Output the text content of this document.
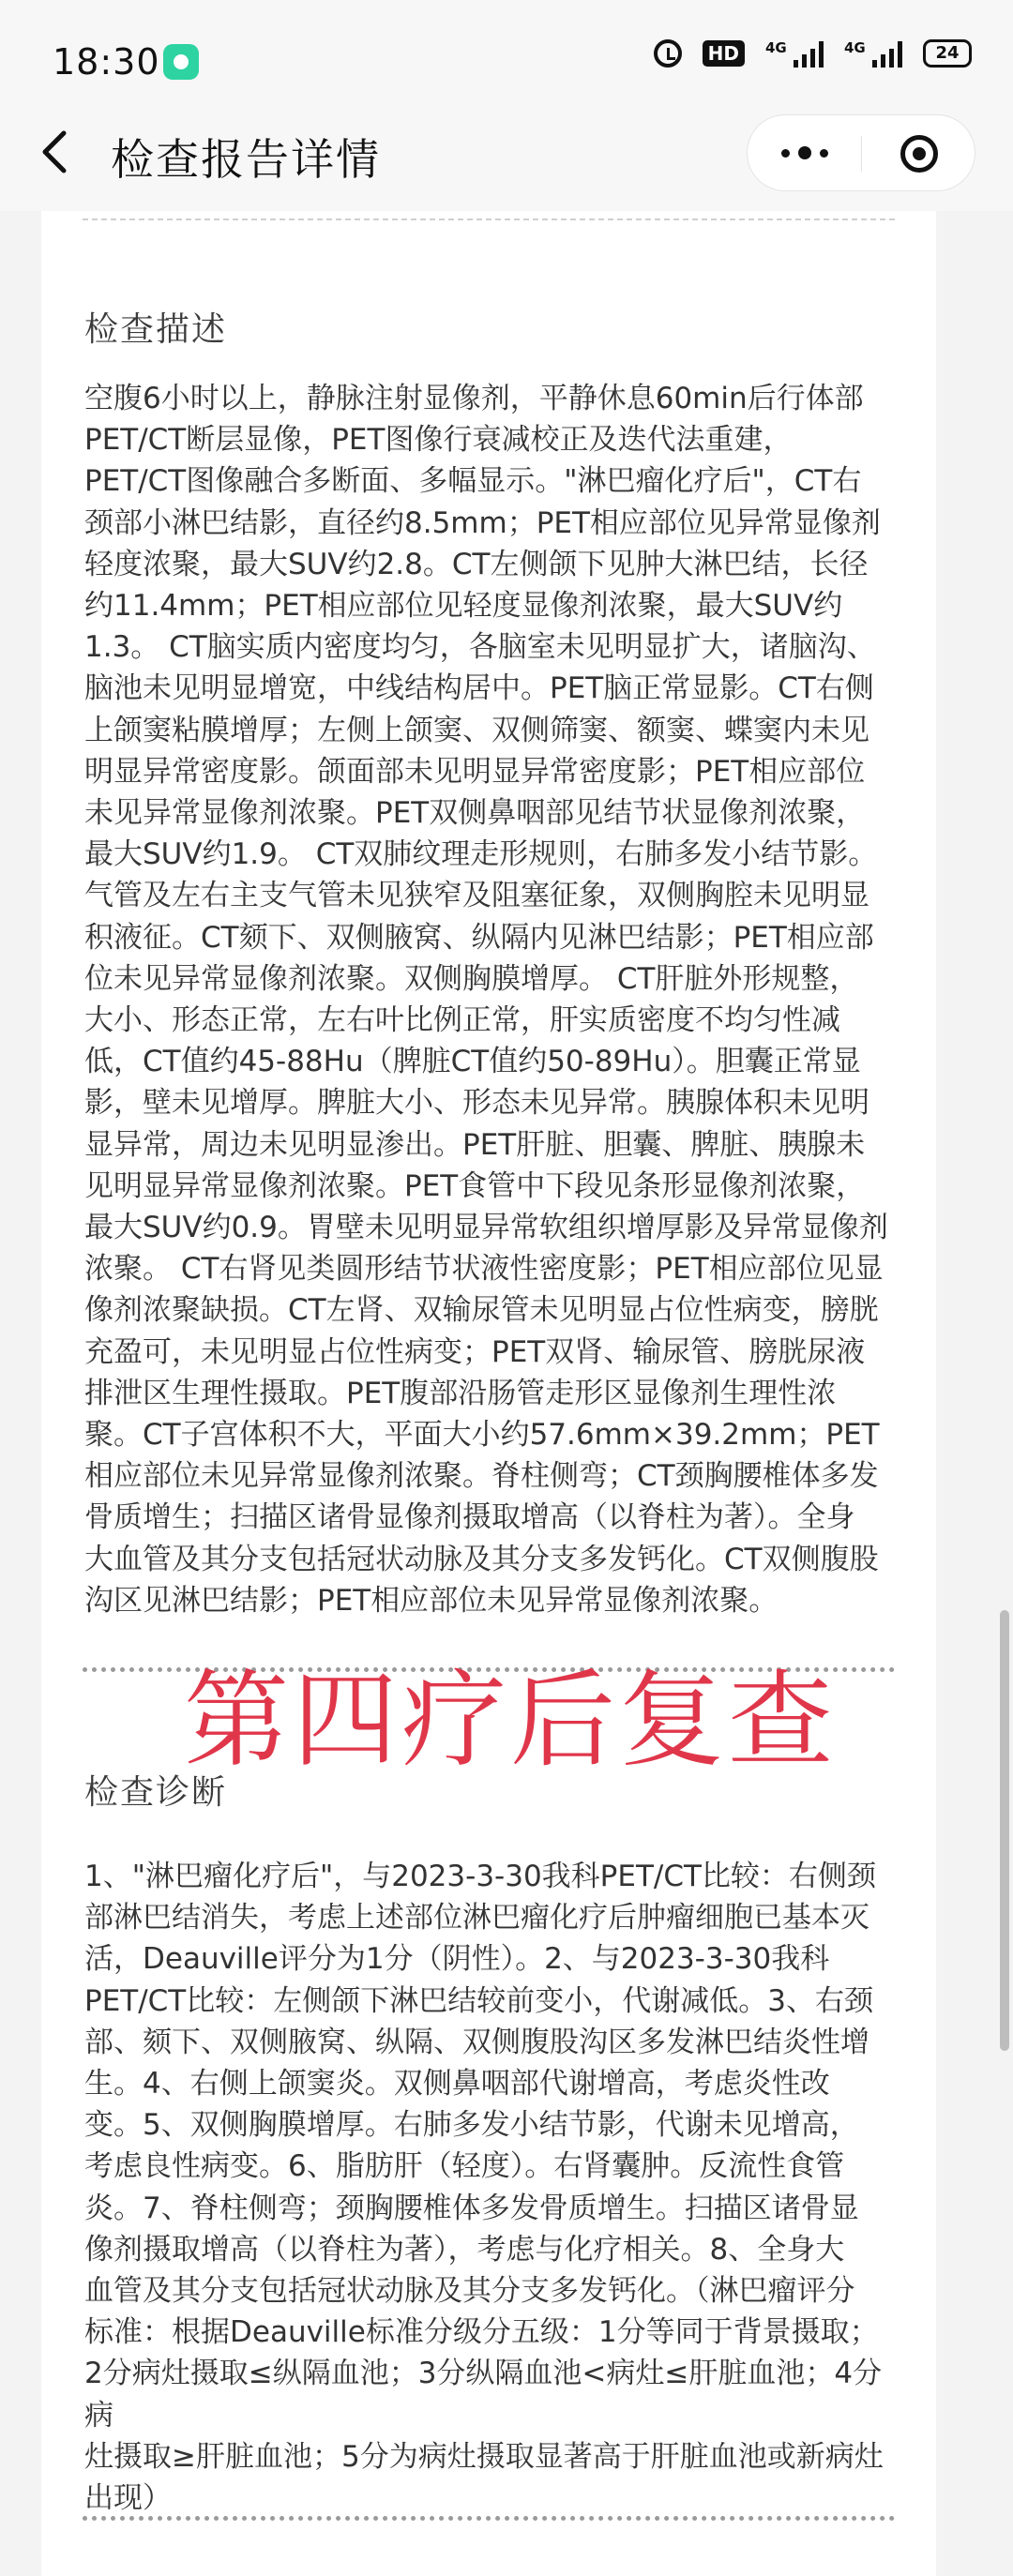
18:30	HD	4G	4G	24
检查报告详情
检查描述

空腹6小时以上，静脉注射显像剂，平静休息60min后行体部
PET/CT断层显像，PET图像行衰减校正及迭代法重建，
PET/CT图像融合多断面、多幅显示。"淋巴瘤化疗后"，CT右
颈部小淋巴结影，直径约8.5mm；PET相应部位见异常显像剂
轻度浓聚，最大SUV约2.8。CT左侧颌下见肿大淋巴结，长径
约11.4mm；PET相应部位见轻度显像剂浓聚，最大SUV约
1.3。 CT脑实质内密度均匀，各脑室未见明显扩大，诸脑沟、
脑池未见明显增宽，中线结构居中。PET脑正常显影。CT右侧
上颌窦粘膜增厚；左侧上颌窦、双侧筛窦、额窦、蝶窦内未见
明显异常密度影。颌面部未见明显异常密度影；PET相应部位
未见异常显像剂浓聚。PET双侧鼻咽部见结节状显像剂浓聚，
最大SUV约1.9。 CT双肺纹理走形规则，右肺多发小结节影。
气管及左右主支气管未见狭窄及阻塞征象，双侧胸腔未见明显
积液征。CT颏下、双侧腋窝、纵隔内见淋巴结影；PET相应部
位未见异常显像剂浓聚。双侧胸膜增厚。 CT肝脏外形规整，
大小、形态正常，左右叶比例正常，肝实质密度不均匀性减
低，CT值约45-88Hu（脾脏CT值约50-89Hu）。胆囊正常显
影，壁未见增厚。脾脏大小、形态未见异常。胰腺体积未见明
显异常，周边未见明显渗出。PET肝脏、胆囊、脾脏、胰腺未
见明显异常显像剂浓聚。PET食管中下段见条形显像剂浓聚，
最大SUV约0.9。胃壁未见明显异常软组织增厚影及异常显像剂
浓聚。 CT右肾见类圆形结节状液性密度影；PET相应部位见显
像剂浓聚缺损。CT左肾、双输尿管未见明显占位性病变，膀胱
充盈可，未见明显占位性病变；PET双肾、输尿管、膀胱尿液
排泄区生理性摄取。PET腹部沿肠管走形区显像剂生理性浓
聚。CT子宫体积不大，平面大小约57.6mm×39.2mm；PET
相应部位未见异常显像剂浓聚。脊柱侧弯；CT颈胸腰椎体多发
骨质增生；扫描区诸骨显像剂摄取增高（以脊柱为著）。全身
大血管及其分支包括冠状动脉及其分支多发钙化。CT双侧腹股
沟区见淋巴结影；PET相应部位未见异常显像剂浓聚。

第四疗后复查
检查诊断

1、"淋巴瘤化疗后"，与2023-3-30我科PET/CT比较：右侧颈
部淋巴结消失，考虑上述部位淋巴瘤化疗后肿瘤细胞已基本灭
活，Deauville评分为1分（阴性）。2、与2023-3-30我科
PET/CT比较：左侧颌下淋巴结较前变小，代谢减低。3、右颈
部、颏下、双侧腋窝、纵隔、双侧腹股沟区多发淋巴结炎性增
生。4、右侧上颌窦炎。双侧鼻咽部代谢增高，考虑炎性改
变。5、双侧胸膜增厚。右肺多发小结节影，代谢未见增高，
考虑良性病变。6、脂肪肝（轻度）。右肾囊肿。反流性食管
炎。7、脊柱侧弯；颈胸腰椎体多发骨质增生。扫描区诸骨显
像剂摄取增高（以脊柱为著），考虑与化疗相关。8、全身大
血管及其分支包括冠状动脉及其分支多发钙化。（淋巴瘤评分
标准：根据Deauville标准分级分五级：1分等同于背景摄取；
2分病灶摄取≤纵隔血池；3分纵隔血池<病灶≤肝脏血池；4分病
灶摄取≥肝脏血池；5分为病灶摄取显著高于肝脏血池或新病灶
出现）
